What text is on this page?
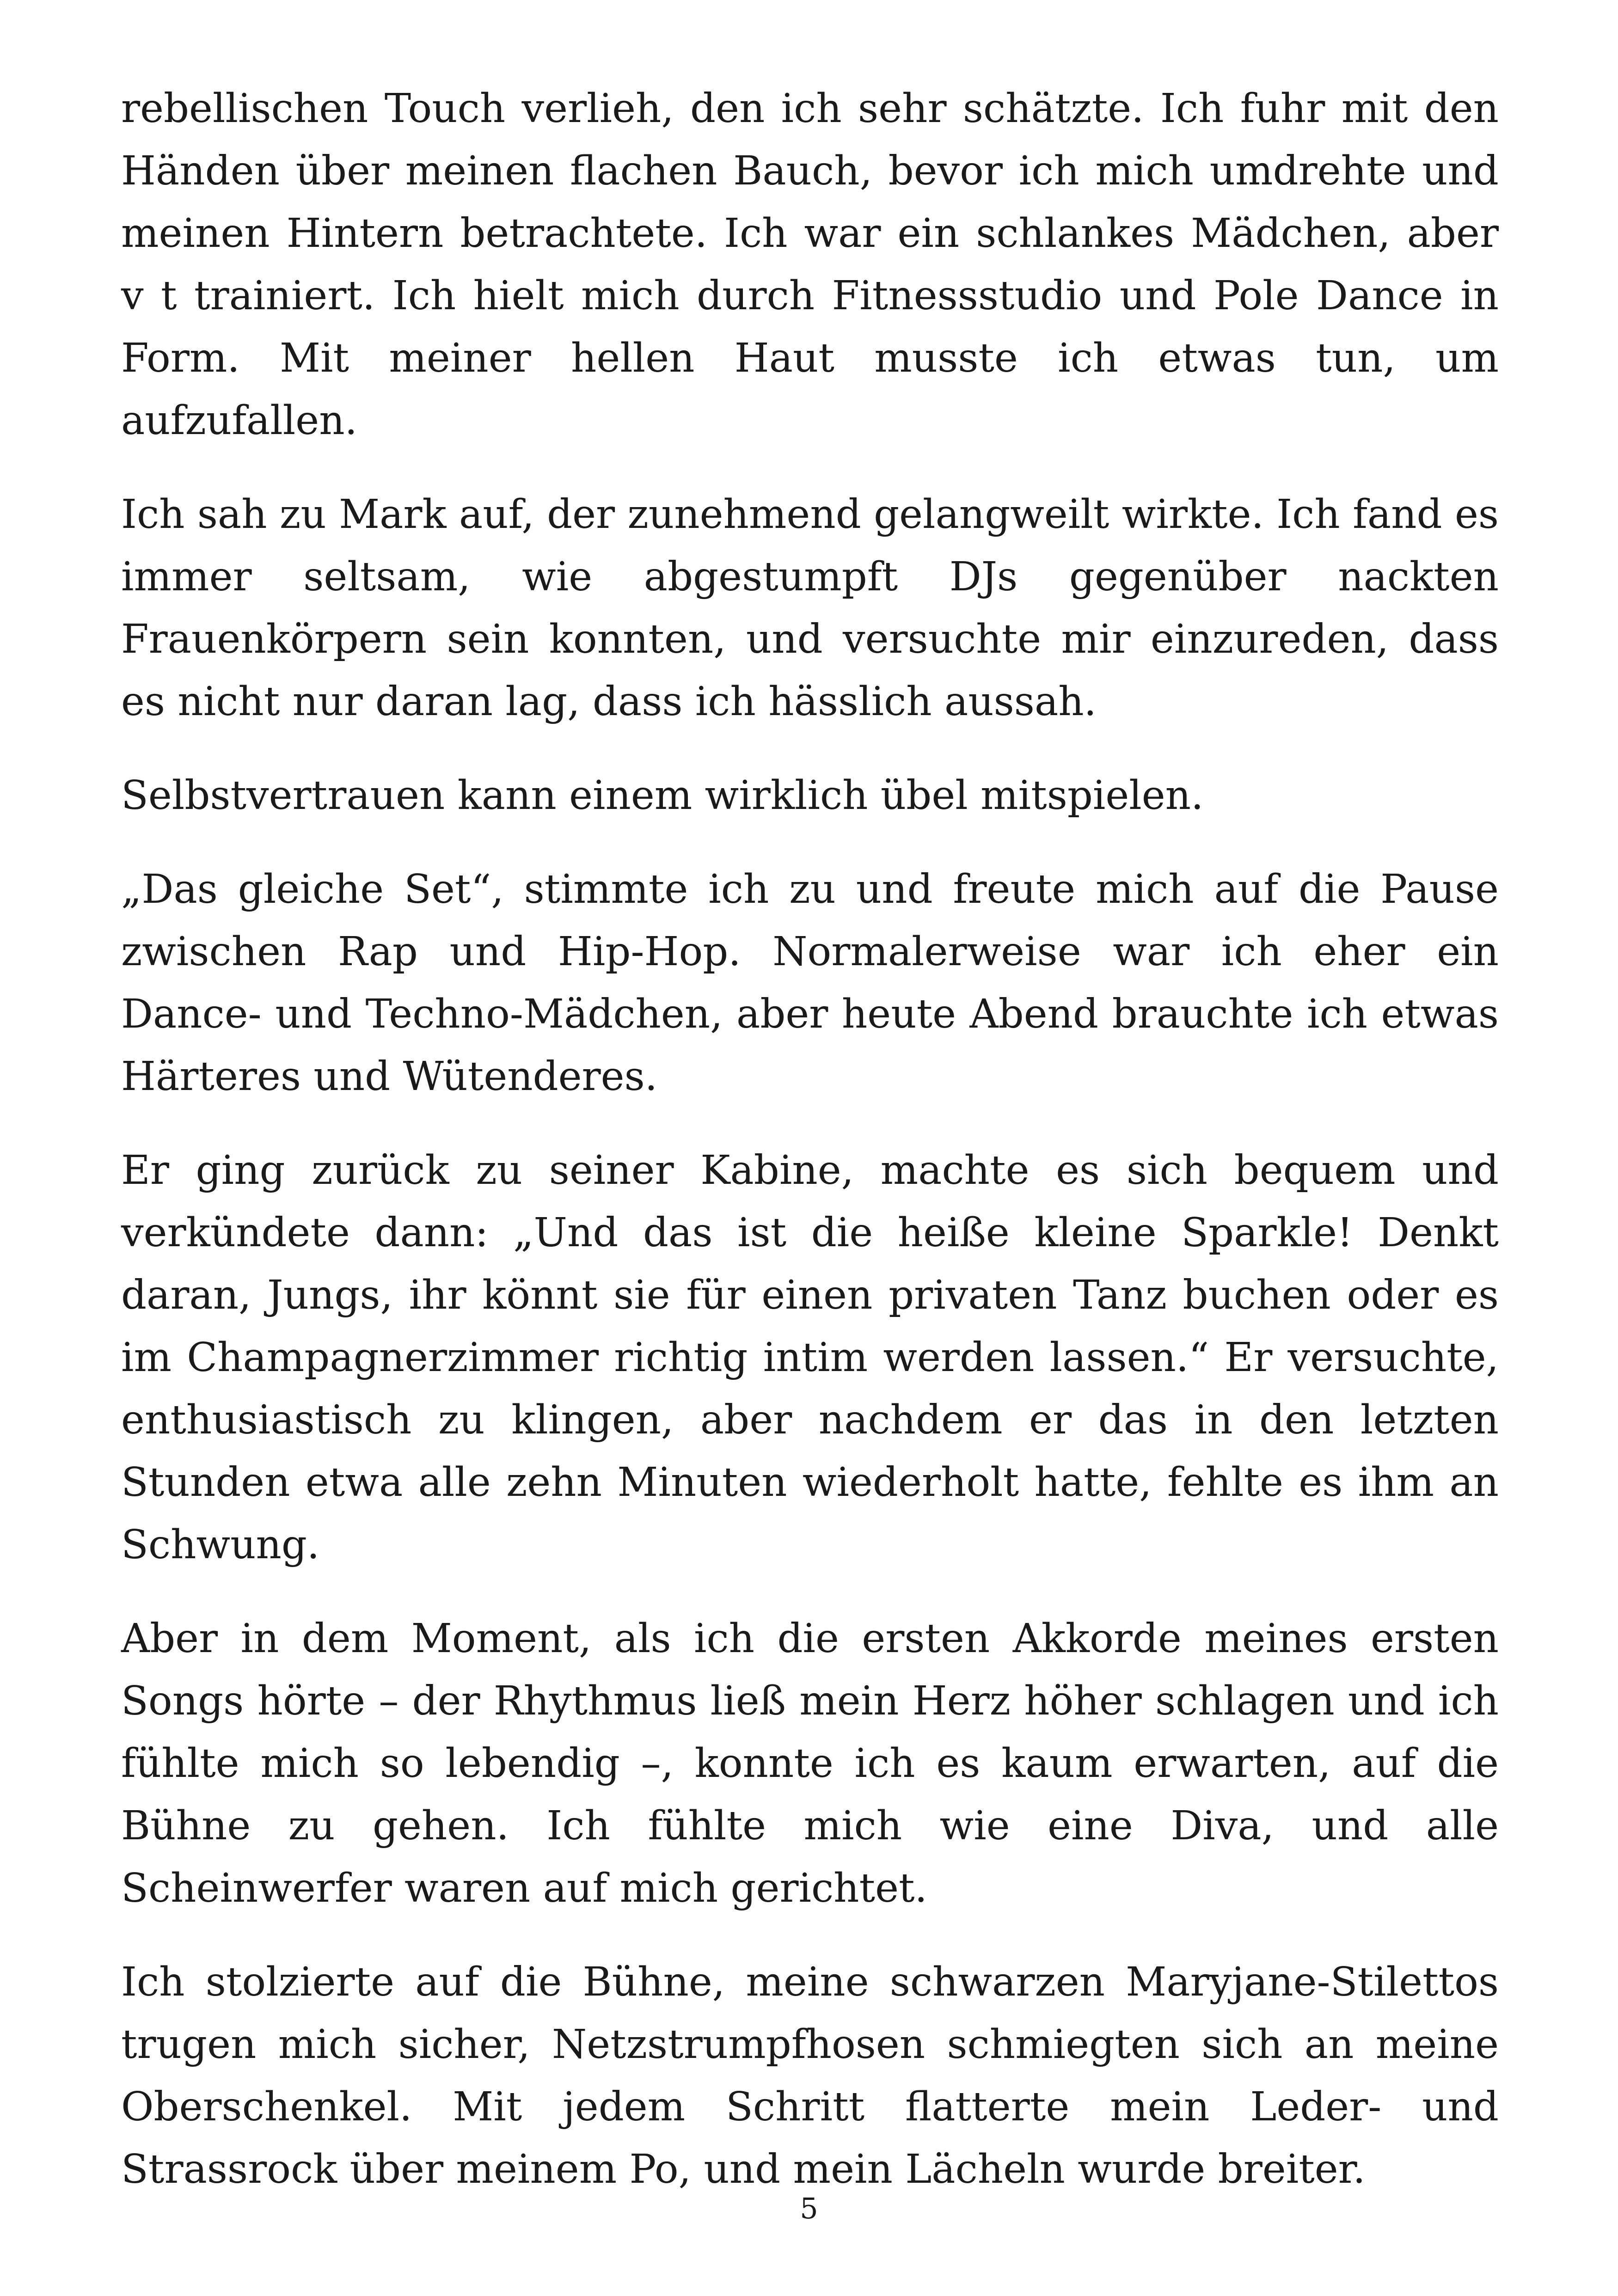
rebellischen Touch verlieh, den ich sehr schätzte. Ich fuhr mit den Händen über meinen flachen Bauch, bevor ich mich umdrehte und meinen Hintern betrachtete. Ich war ein schlankes Mädchen, aber v t trainiert. Ich hielt mich durch Fitnessstudio und Pole Dance in Form. Mit meiner hellen Haut musste ich etwas tun, um aufzufallen.

Ich sah zu Mark auf, der zunehmend gelangweilt wirkte. Ich fand es immer seltsam, wie abgestumpft DJs gegenüber nackten Frauenkörpern sein konnten, und versuchte mir einzureden, dass es nicht nur daran lag, dass ich hässlich aussah.

Selbstvertrauen kann einem wirklich übel mitspielen.

„Das gleiche Set“, stimmte ich zu und freute mich auf die Pause zwischen Rap und Hip-Hop. Normalerweise war ich eher ein Dance- und Techno-Mädchen, aber heute Abend brauchte ich etwas Härteres und Wütenderes.

Er ging zurück zu seiner Kabine, machte es sich bequem und verkündete dann: „Und das ist die heiße kleine Sparkle! Denkt daran, Jungs, ihr könnt sie für einen privaten Tanz buchen oder es im Champagnerzimmer richtig intim werden lassen.“ Er versuchte, enthusiastisch zu klingen, aber nachdem er das in den letzten Stunden etwa alle zehn Minuten wiederholt hatte, fehlte es ihm an Schwung.

Aber in dem Moment, als ich die ersten Akkorde meines ersten Songs hörte – der Rhythmus ließ mein Herz höher schlagen und ich fühlte mich so lebendig –, konnte ich es kaum erwarten, auf die Bühne zu gehen. Ich fühlte mich wie eine Diva, und alle Scheinwerfer waren auf mich gerichtet.

Ich stolzierte auf die Bühne, meine schwarzen Maryjane-Stilettos trugen mich sicher, Netzstrumpfhosen schmiegten sich an meine Oberschenkel. Mit jedem Schritt flatterte mein Leder- und Strassrock über meinem Po, und mein Lächeln wurde breiter.

5
